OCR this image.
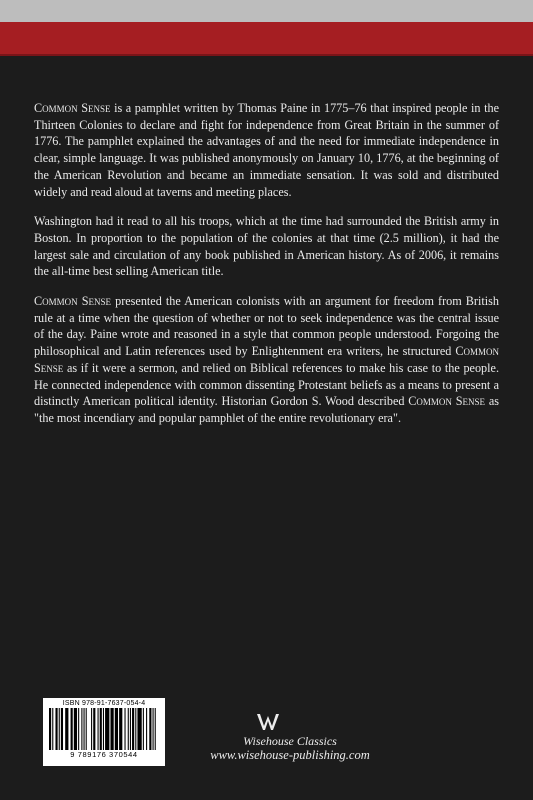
Common Sense is a pamphlet written by Thomas Paine in 1775–76 that inspired people in the Thirteen Colonies to declare and fight for independence from Great Britain in the summer of 1776. The pamphlet explained the advantages of and the need for immediate independence in clear, simple language. It was published anonymously on January 10, 1776, at the beginning of the American Revolution and became an immediate sensation. It was sold and distributed widely and read aloud at taverns and meeting places.

Washington had it read to all his troops, which at the time had surrounded the British army in Boston. In proportion to the population of the colonies at that time (2.5 million), it had the largest sale and circulation of any book published in American history. As of 2006, it remains the all-time best selling American title.

Common Sense presented the American colonists with an argument for freedom from British rule at a time when the question of whether or not to seek independence was the central issue of the day. Paine wrote and reasoned in a style that common people understood. Forgoing the philosophical and Latin references used by Enlightenment era writers, he structured Common Sense as if it were a sermon, and relied on Biblical references to make his case to the people. He connected independence with common dissenting Protestant beliefs as a means to present a distinctly American political identity. Historian Gordon S. Wood described Common Sense as "the most incendiary and popular pamphlet of the entire revolutionary era".

ISBN 978-91-7637-054-4
9 789176 370544
Wisehouse Classics
www.wisehouse-publishing.com
